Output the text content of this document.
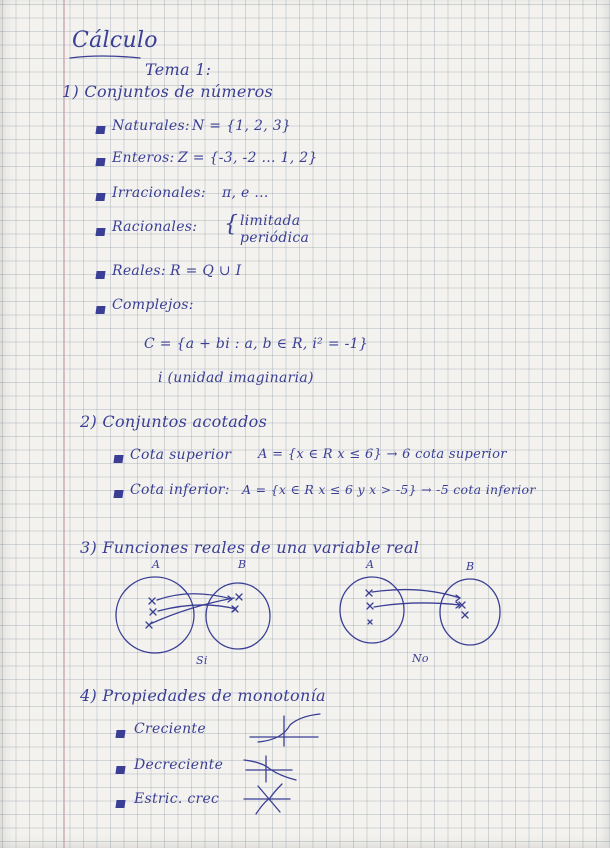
Cálculo
Tema 1:
1) Conjuntos de números
Naturales: N = {1, 2, 3}
Enteros: Z = {-3, -2 ... 1, 2}
Irracionales: π, e ...
Racionales: { limitada
periódica
Reales: R = Q ∪ I
Complejos:
C = {a + bi : a, b ∈ R, i² = -1}
i (unidad imaginaria)
2) Conjuntos acotados
Cota superior A = {x ∈ R x ≤ 6} → 6 cota superior
Cota inferior: A = {x ∈ R x ≤ 6 y x > -5} → -5 cota inferior
3) Funciones reales de una variable real
A	B
Si
A	B
No
4) Propiedades de monotonía
Creciente
Decreciente
Estric. crec
